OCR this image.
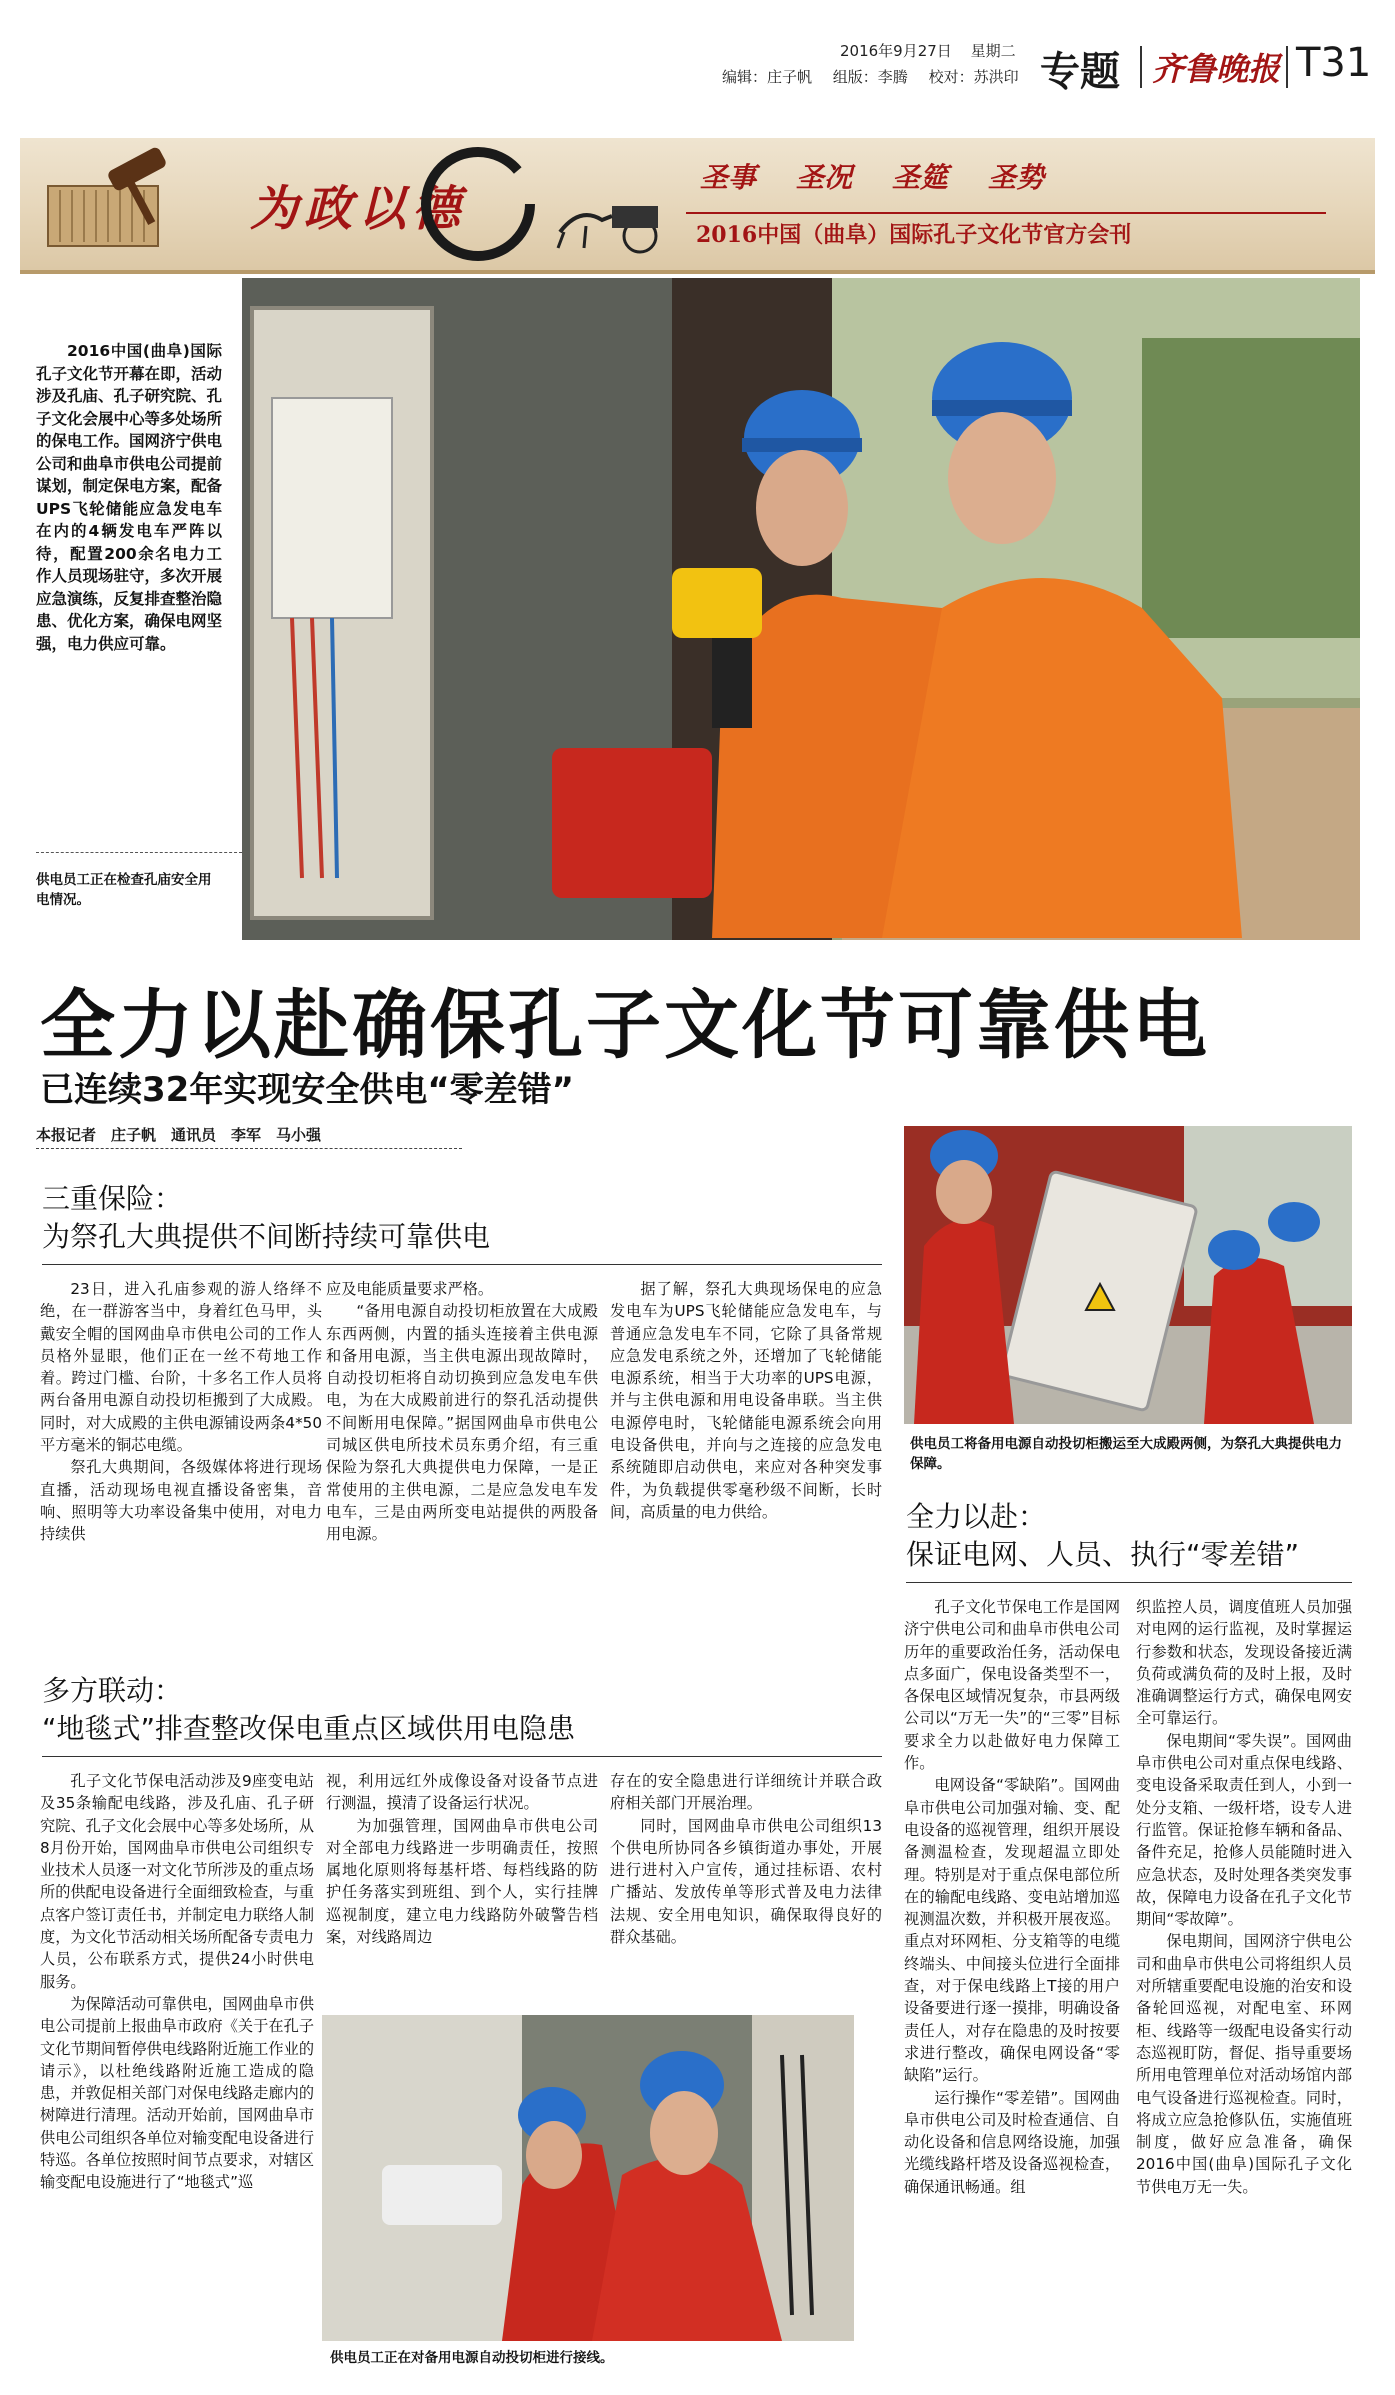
2016年9月27日 星期二
编辑：庄子帆 组版：李腾 校对：苏洪印 专题 齐鲁晚报 T31
为政以德
圣事 圣况 圣筵 圣势
2016中国（曲阜）国际孔子文化节官方会刊

2016中国(曲阜)国际孔子文化节开幕在即，活动涉及孔庙、孔子研究院、孔子文化会展中心等多处场所的保电工作。国网济宁供电公司和曲阜市供电公司提前谋划，制定保电方案，配备UPS飞轮储能应急发电车在内的4辆发电车严阵以待，配置200余名电力工作人员现场驻守，多次开展应急演练，反复排查整治隐患、优化方案，确保电网坚强，电力供应可靠。

供电员工正在检查孔庙安全用电情况。
全力以赴确保孔子文化节可靠供电
已连续32年实现安全供电“零差错”
本报记者　庄子帆　通讯员　李军　马小强
三重保险：
为祭孔大典提供不间断持续可靠供电

23日，进入孔庙参观的游人络绎不绝，在一群游客当中，身着红色马甲，头戴安全帽的国网曲阜市供电公司的工作人员格外显眼，他们正在一丝不苟地工作着。跨过门槛、台阶，十多名工作人员将两台备用电源自动投切柜搬到了大成殿。同时，对大成殿的主供电源铺设两条4*50平方毫米的铜芯电缆。

祭孔大典期间，各级媒体将进行现场直播，活动现场电视直播设备密集，音响、照明等大功率设备集中使用，对电力持续供

应及电能质量要求严格。

“备用电源自动投切柜放置在大成殿东西两侧，内置的插头连接着主供电源和备用电源，当主供电源出现故障时，自动投切柜将自动切换到应急发电车供电，为在大成殿前进行的祭孔活动提供不间断用电保障。”据国网曲阜市供电公司城区供电所技术员东勇介绍，有三重保险为祭孔大典提供电力保障，一是正常使用的主供电源，二是应急发电车发电车，三是由两所变电站提供的两股备用电源。

据了解，祭孔大典现场保电的应急发电车为UPS飞轮储能应急发电车，与普通应急发电车不同，它除了具备常规应急发电系统之外，还增加了飞轮储能电源系统，相当于大功率的UPS电源，并与主供电源和用电设备串联。当主供电源停电时，飞轮储能电源系统会向用电设备供电，并向与之连接的应急发电系统随即启动供电，来应对各种突发事件，为负载提供零毫秒级不间断，长时间，高质量的电力供给。

多方联动：
“地毯式”排查整改保电重点区域供用电隐患

孔子文化节保电活动涉及9座变电站及35条输配电线路，涉及孔庙、孔子研究院、孔子文化会展中心等多处场所，从8月份开始，国网曲阜市供电公司组织专业技术人员逐一对文化节所涉及的重点场所的供配电设备进行全面细致检查，与重点客户签订责任书，并制定电力联络人制度，为文化节活动相关场所配备专责电力人员，公布联系方式，提供24小时供电服务。

为保障活动可靠供电，国网曲阜市供电公司提前上报曲阜市政府《关于在孔子文化节期间暂停供电线路附近施工作业的请示》，以杜绝线路附近施工造成的隐患，并敦促相关部门对保电线路走廊内的树障进行清理。活动开始前，国网曲阜市供电公司组织各单位对输变配电设备进行特巡。各单位按照时间节点要求，对辖区输变配电设施进行了“地毯式”巡

视，利用远红外成像设备对设备节点进行测温，摸清了设备运行状况。

为加强管理，国网曲阜市供电公司对全部电力线路进一步明确责任，按照属地化原则将每基杆塔、每档线路的防护任务落实到班组、到个人，实行挂牌巡视制度，建立电力线路防外破警告档案，对线路周边

存在的安全隐患进行详细统计并联合政府相关部门开展治理。

同时，国网曲阜市供电公司组织13个供电所协同各乡镇街道办事处，开展进行进村入户宣传，通过挂标语、农村广播站、发放传单等形式普及电力法律法规、安全用电知识，确保取得良好的群众基础。

供电员工正在对备用电源自动投切柜进行接线。
供电员工将备用电源自动投切柜搬运至大成殿两侧，为祭孔大典提供电力保障。
全力以赴：
保证电网、人员、执行“零差错”

孔子文化节保电工作是国网济宁供电公司和曲阜市供电公司历年的重要政治任务，活动保电点多面广，保电设备类型不一，各保电区域情况复杂，市县两级公司以“万无一失”的“三零”目标要求全力以赴做好电力保障工作。

电网设备“零缺陷”。国网曲阜市供电公司加强对输、变、配电设备的巡视管理，组织开展设备测温检查，发现超温立即处理。特别是对于重点保电部位所在的输配电线路、变电站增加巡视测温次数，并积极开展夜巡。重点对环网柜、分支箱等的电缆终端头、中间接头位进行全面排查，对于保电线路上T接的用户设备要进行逐一摸排，明确设备责任人，对存在隐患的及时按要求进行整改，确保电网设备“零缺陷”运行。

运行操作“零差错”。国网曲阜市供电公司及时检查通信、自动化设备和信息网络设施，加强光缆线路杆塔及设备巡视检查，确保通讯畅通。组

织监控人员，调度值班人员加强对电网的运行监视，及时掌握运行参数和状态，发现设备接近满负荷或满负荷的及时上报，及时准确调整运行方式，确保电网安全可靠运行。

保电期间“零失误”。国网曲阜市供电公司对重点保电线路、变电设备采取责任到人，小到一处分支箱、一级杆塔，设专人进行监管。保证抢修车辆和备品、备件充足，抢修人员能随时进入应急状态，及时处理各类突发事故，保障电力设备在孔子文化节期间“零故障”。

保电期间，国网济宁供电公司和曲阜市供电公司将组织人员对所辖重要配电设施的治安和设备轮回巡视，对配电室、环网柜、线路等一级配电设备实行动态巡视盯防，督促、指导重要场所用电管理单位对活动场馆内部电气设备进行巡视检查。同时，将成立应急抢修队伍，实施值班制度，做好应急准备，确保2016中国(曲阜)国际孔子文化节供电万无一失。
